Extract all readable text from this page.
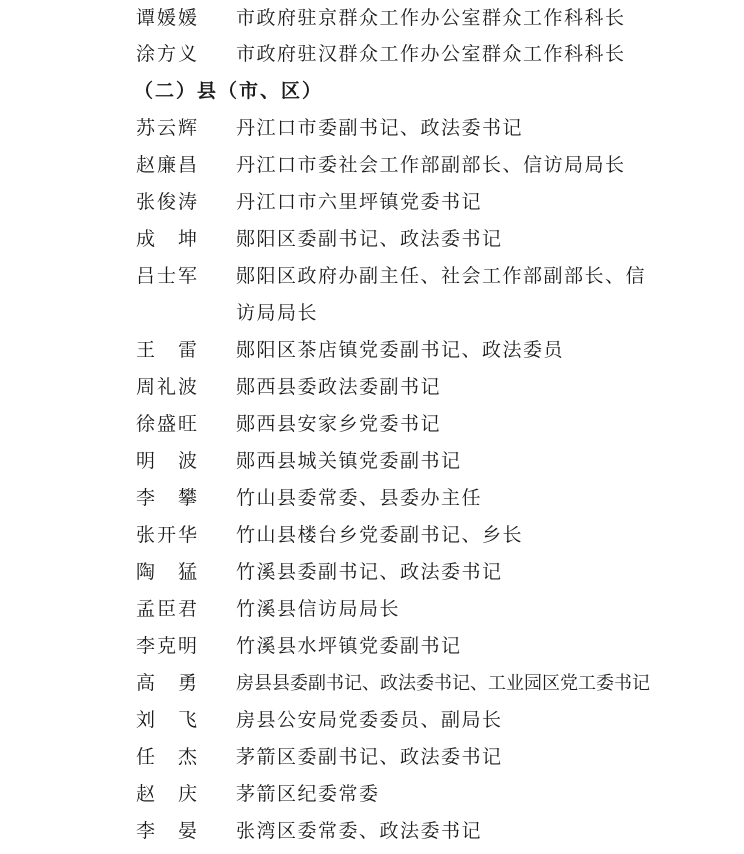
谭媛媛	市政府驻京群众工作办公室群众工作科科长
涂方义	市政府驻汉群众工作办公室群众工作科科长
（二）县（市、区）
苏云辉	丹江口市委副书记、政法委书记
赵廉昌	丹江口市委社会工作部副部长、信访局局长
张俊涛	丹江口市六里坪镇党委书记
成　坤	郧阳区委副书记、政法委书记
吕士军	郧阳区政府办副主任、社会工作部副部长、信访局局长
王　雷	郧阳区茶店镇党委副书记、政法委员
周礼波	郧西县委政法委副书记
徐盛旺	郧西县安家乡党委书记
明　波	郧西县城关镇党委副书记
李　攀	竹山县委常委、县委办主任
张开华	竹山县楼台乡党委副书记、乡长
陶　猛	竹溪县委副书记、政法委书记
孟臣君	竹溪县信访局局长
李克明	竹溪县水坪镇党委副书记
高　勇	房县县委副书记、政法委书记、工业园区党工委书记
刘　飞	房县公安局党委委员、副局长
任　杰	茅箭区委副书记、政法委书记
赵　庆	茅箭区纪委常委
李　晏	张湾区委常委、政法委书记
